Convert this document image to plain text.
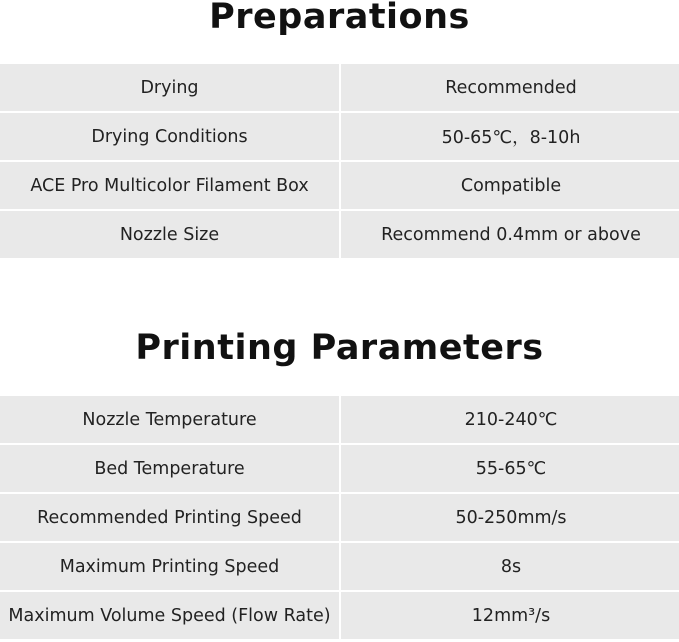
Preparations
Drying	Recommended
Drying Conditions	50-65℃，8-10h
ACE Pro Multicolor Filament Box	Compatible
Nozzle Size	Recommend 0.4mm or above
Printing Parameters
Nozzle Temperature	210-240℃
Bed Temperature	55-65℃
Recommended Printing Speed	50-250mm/s
Maximum Printing Speed	8s
Maximum Volume Speed (Flow Rate)	12mm³/s
